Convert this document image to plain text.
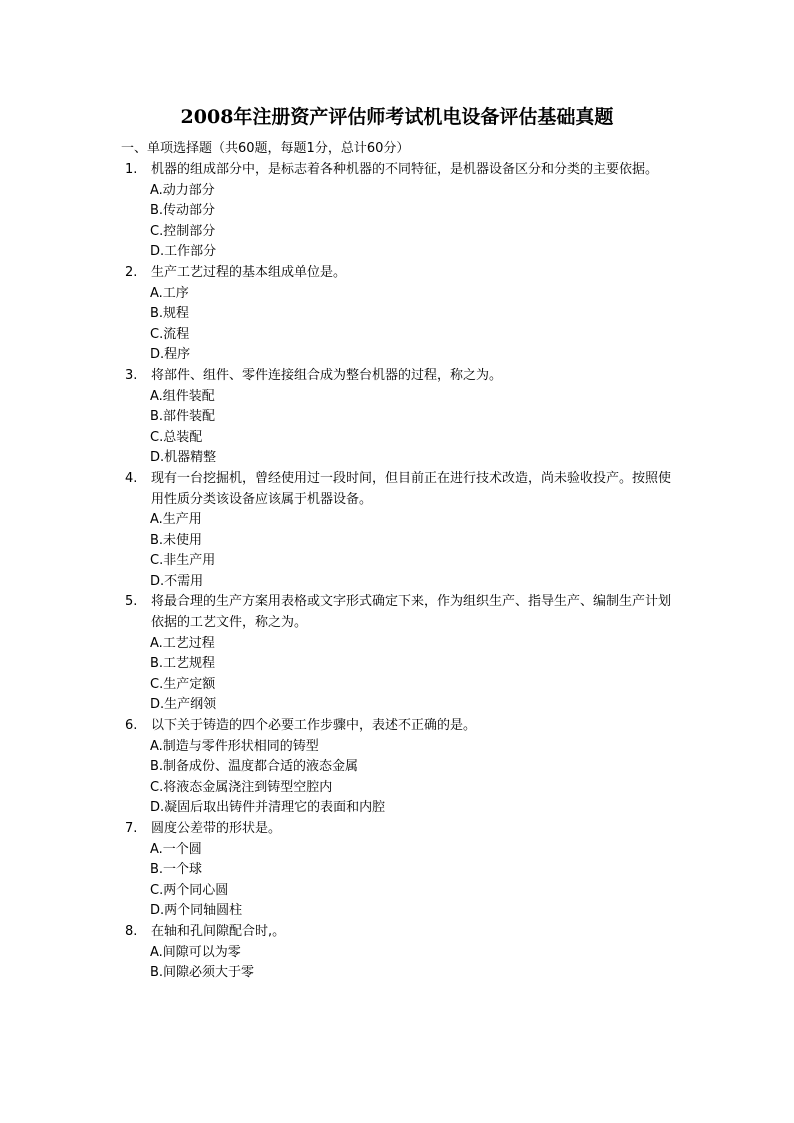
2008年注册资产评估师考试机电设备评估基础真题
一、单项选择题（共60题，每题1分，总计60分）
1. 机器的组成部分中，是标志着各种机器的不同特征，是机器设备区分和分类的主要依据。
A.动力部分
B.传动部分
C.控制部分
D.工作部分
2. 生产工艺过程的基本组成单位是。
A.工序
B.规程
C.流程
D.程序
3. 将部件、组件、零件连接组合成为整台机器的过程，称之为。
A.组件装配
B.部件装配
C.总装配
D.机器精整
4. 现有一台挖掘机，曾经使用过一段时间，但目前正在进行技术改造，尚未验收投产。按照使用性质分类该设备应该属于机器设备。
A.生产用
B.未使用
C.非生产用
D.不需用
5. 将最合理的生产方案用表格或文字形式确定下来，作为组织生产、指导生产、编制生产计划依据的工艺文件，称之为。
A.工艺过程
B.工艺规程
C.生产定额
D.生产纲领
6. 以下关于铸造的四个必要工作步骤中，表述不正确的是。
A.制造与零件形状相同的铸型
B.制备成份、温度都合适的液态金属
C.将液态金属浇注到铸型空腔内
D.凝固后取出铸件并清理它的表面和内腔
7. 圆度公差带的形状是。
A.一个圆
B.一个球
C.两个同心圆
D.两个同轴圆柱
8. 在轴和孔间隙配合时,。
A.间隙可以为零
B.间隙必须大于零
